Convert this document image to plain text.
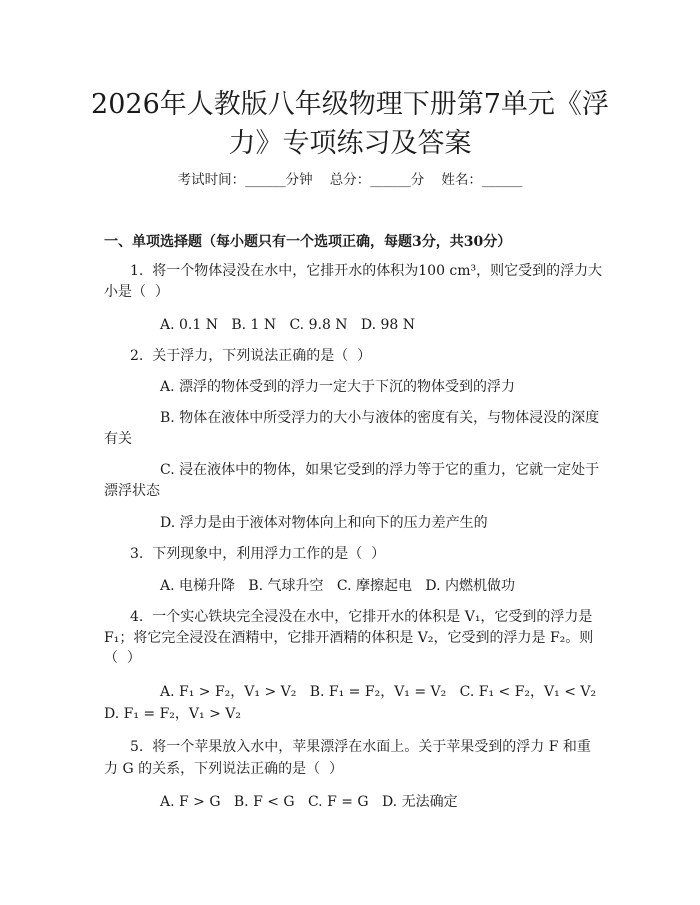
2026年人教版八年级物理下册第7单元《浮
力》专项练习及答案
考试时间：______分钟    总分：______分    姓名：______
一、单项选择题（每小题只有一个选项正确，每题3分，共30分）
1.  将一个物体浸没在水中，它排开水的体积为100 cm³，则它受到的浮力大
小是（  ）
A. 0.1 N   B. 1 N   C. 9.8 N   D. 98 N
2.  关于浮力，下列说法正确的是（  ）
A. 漂浮的物体受到的浮力一定大于下沉的物体受到的浮力
B. 物体在液体中所受浮力的大小与液体的密度有关，与物体浸没的深度
有关
C. 浸在液体中的物体，如果它受到的浮力等于它的重力，它就一定处于
漂浮状态
D. 浮力是由于液体对物体向上和向下的压力差产生的
3.  下列现象中，利用浮力工作的是（  ）
A. 电梯升降   B. 气球升空   C. 摩擦起电   D. 内燃机做功
4.  一个实心铁块完全浸没在水中，它排开水的体积是 V₁，它受到的浮力是
F₁；将它完全浸没在酒精中，它排开酒精的体积是 V₂，它受到的浮力是 F₂。则
（  ）
A. F₁ > F₂，V₁ > V₂   B. F₁ = F₂，V₁ = V₂   C. F₁ < F₂，V₁ < V₂
D. F₁ = F₂，V₁ > V₂
5.  将一个苹果放入水中，苹果漂浮在水面上。关于苹果受到的浮力 F 和重
力 G 的关系，下列说法正确的是（  ）
A. F > G   B. F < G   C. F = G   D. 无法确定
